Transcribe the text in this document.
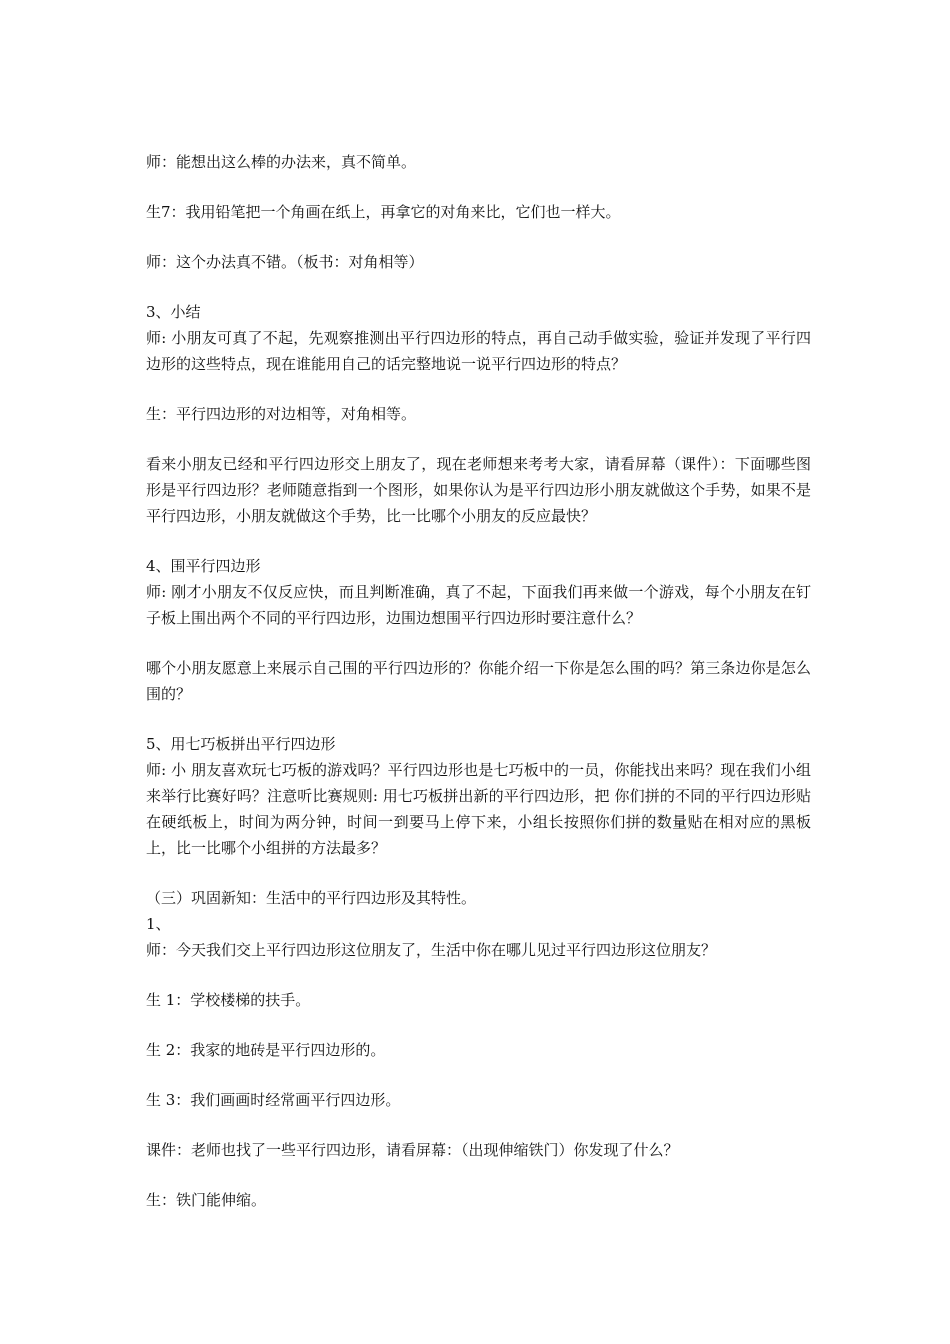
师：能想出这么棒的办法来，真不简单。

生7：我用铅笔把一个角画在纸上，再拿它的对角来比，它们也一样大。

师：这个办法真不错。（板书：对角相等）

3、小结

师: 小朋友可真了不起，先观察推测出平行四边形的特点，再自己动手做实验，验证并发现了平行四边形的这些特点，现在谁能用自己的话完整地说一说平行四边形的特点？

生：平行四边形的对边相等，对角相等。

看来小朋友已经和平行四边形交上朋友了，现在老师想来考考大家，请看屏幕（课件）：下面哪些图形是平行四边形？老师随意指到一个图形，如果你认为是平行四边形小朋友就做这个手势，如果不是平行四边形，小朋友就做这个手势，比一比哪个小朋友的反应最快？

4、围平行四边形

师: 刚才小朋友不仅反应快，而且判断准确，真了不起，下面我们再来做一个游戏，每个小朋友在钉子板上围出两个不同的平行四边形，边围边想围平行四边形时要注意什么？

哪个小朋友愿意上来展示自己围的平行四边形的？你能介绍一下你是怎么围的吗？第三条边你是怎么围的？

5、用七巧板拼出平行四边形

师: 小 朋友喜欢玩七巧板的游戏吗？平行四边形也是七巧板中的一员，你能找出来吗？现在我们小组来举行比赛好吗？注意听比赛规则: 用七巧板拼出新的平行四边形，把 你们拼的不同的平行四边形贴在硬纸板上，时间为两分钟，时间一到要马上停下来，小组长按照你们拼的数量贴在相对应的黑板上，比一比哪个小组拼的方法最多？

（三）巩固新知：生活中的平行四边形及其特性。

1、

师：今天我们交上平行四边形这位朋友了，生活中你在哪儿见过平行四边形这位朋友？

生 1：学校楼梯的扶手。

生 2：我家的地砖是平行四边形的。

生 3：我们画画时经常画平行四边形。

课件：老师也找了一些平行四边形，请看屏幕：（出现伸缩铁门）你发现了什么？

生：铁门能伸缩。
